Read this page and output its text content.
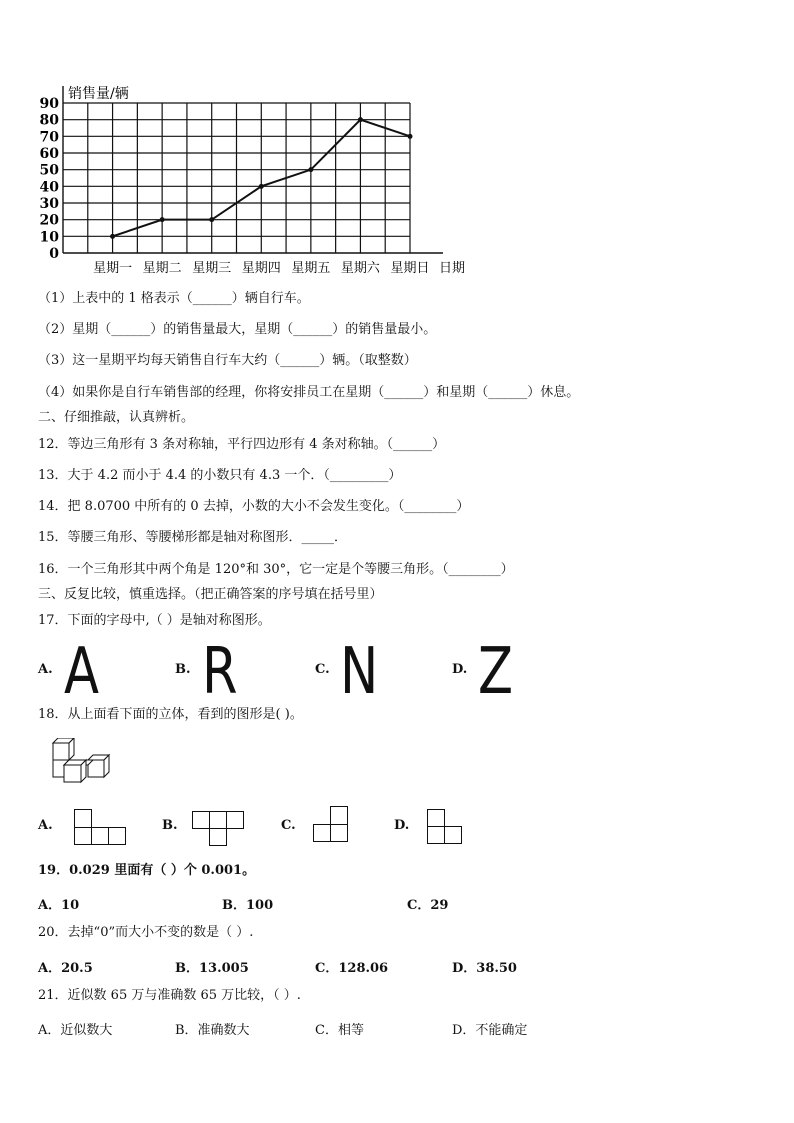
0
10
20
30
40
50
60
70
80
90
销售量/辆
星期一 星期二 星期三 星期四 星期五 星期六 星期日 日期
（1）上表中的 1 格表示（______）辆自行车。
（2）星期（______）的销售量最大，星期（______）的销售量最小。
（3）这一星期平均每天销售自行车大约（______）辆。（取整数）
（4）如果你是自行车销售部的经理，你将安排员工在星期（______）和星期（______）休息。
二、仔细推敲，认真辨析。
12．等边三角形有 3 条对称轴，平行四边形有 4 条对称轴。（______）
13．大于 4.2 而小于 4.4 的小数只有 4.3 一个．（_________）
14．把 8.0700 中所有的 0 去掉，小数的大小不会发生变化。（________）
15．等腰三角形、等腰梯形都是轴对称图形．_____．
16．一个三角形其中两个角是 120°和 30°，它一定是个等腰三角形。（________）
三、反复比较，慎重选择。（把正确答案的序号填在括号里）
17．下面的字母中,（ ）是轴对称图形。
A. A	B. R	C. N	D. Z
18．从上面看下面的立体，看到的图形是( )。
A.	B.	C.	D.
19．0.029 里面有（ ）个 0.001。
A．10	B．100	C．29
20．去掉“0”而大小不变的数是（ ）.
A．20.5	B．13.005	C．128.06	D．38.50
21．近似数 65 万与准确数 65 万比较，（ ）.
A．近似数大	B．准确数大	C．相等	D．不能确定
